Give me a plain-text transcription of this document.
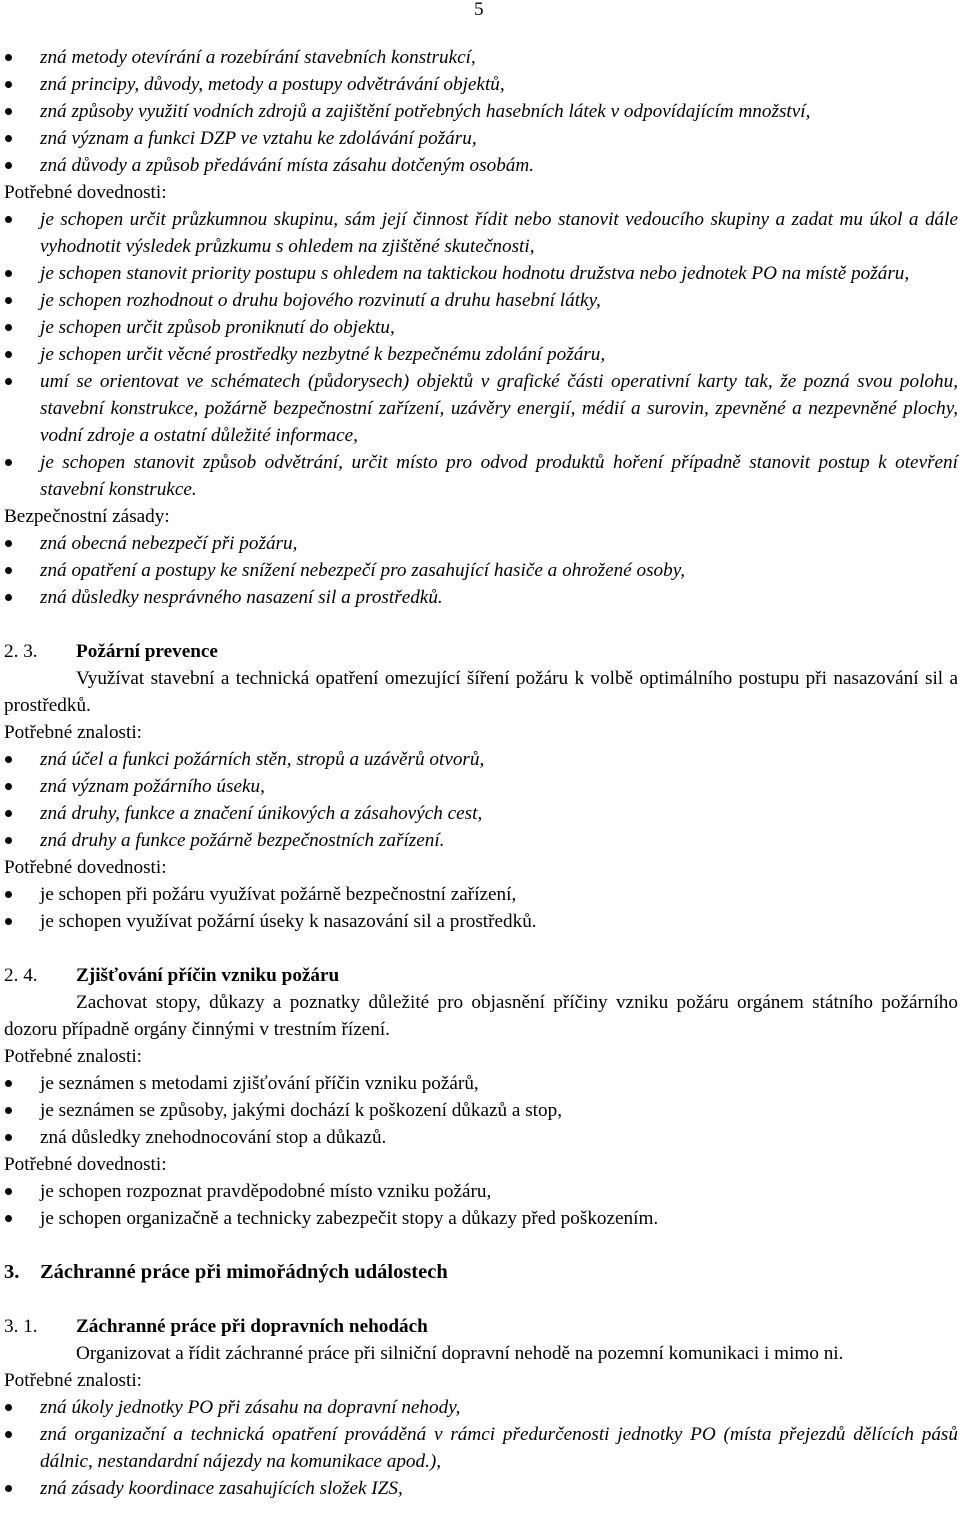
5
zná metody otevírání a rozebírání stavebních konstrukcí,
zná principy, důvody, metody a postupy odvětrávání objektů,
zná způsoby využití vodních zdrojů a zajištění potřebných hasebních látek v odpovídajícím množství,
zná význam a funkci DZP ve vztahu ke zdolávání požáru,
zná důvody a způsob předávání místa zásahu dotčeným osobám.
Potřebné dovednosti:
je schopen určit průzkumnou skupinu, sám její činnost řídit nebo stanovit vedoucího skupiny a zadat mu úkol a dále vyhodnotit výsledek průzkumu s ohledem na zjištěné skutečnosti,
je schopen stanovit priority postupu s ohledem na taktickou hodnotu družstva nebo jednotek PO na místě požáru,
je schopen rozhodnout o druhu bojového rozvinutí a druhu hasební látky,
je schopen určit způsob proniknutí do objektu,
je schopen určit věcné prostředky nezbytné k bezpečnému zdolání požáru,
umí se orientovat ve schématech (půdorysech) objektů v grafické části operativní karty tak, že pozná svou polohu, stavební konstrukce, požárně bezpečnostní zařízení, uzávěry energií, médií a surovin, zpevněné a nezpevněné plochy, vodní zdroje a ostatní důležité informace,
je schopen stanovit způsob odvětrání, určit místo pro odvod produktů hoření případně stanovit postup k otevření stavební konstrukce.
Bezpečnostní zásady:
zná obecná nebezpečí při požáru,
zná opatření a postupy ke snížení nebezpečí pro zasahující hasiče a ohrožené osoby,
zná důsledky nesprávného nasazení sil a prostředků.
2. 3.	Požární prevence
Využívat stavební a technická opatření omezující šíření požáru k volbě optimálního postupu při nasazování sil a prostředků.
Potřebné znalosti:
zná účel a funkci požárních stěn, stropů a uzávěrů otvorů,
zná význam požárního úseku,
zná druhy, funkce a značení únikových a zásahových cest,
zná druhy a funkce požárně bezpečnostních zařízení.
Potřebné dovednosti:
je schopen při požáru využívat požárně bezpečnostní zařízení,
je schopen využívat požární úseky k nasazování sil a prostředků.
2. 4.	Zjišťování příčin vzniku požáru
Zachovat stopy, důkazy a poznatky důležité pro objasnění příčiny vzniku požáru orgánem státního požárního dozoru případně orgány činnými v trestním řízení.
Potřebné znalosti:
je seznámen s metodami zjišťování příčin vzniku požárů,
je seznámen se způsoby, jakými dochází k poškození důkazů a stop,
zná důsledky znehodnocování stop a důkazů.
Potřebné dovednosti:
je schopen rozpoznat pravděpodobné místo vzniku požáru,
je schopen organizačně a technicky zabezpečit stopy a důkazy před poškozením.
3.	Záchranné práce při mimořádných událostech
3. 1.	Záchranné práce při dopravních nehodách
Organizovat a řídit záchranné práce při silniční dopravní nehodě na pozemní komunikaci i mimo ni.
Potřebné znalosti:
zná úkoly jednotky PO při zásahu na dopravní nehody,
zná organizační a technická opatření prováděná v rámci předurčenosti jednotky PO (místa přejezdů dělících pásů dálnic, nestandardní nájezdy na komunikace apod.),
zná zásady koordinace zasahujících složek IZS,
